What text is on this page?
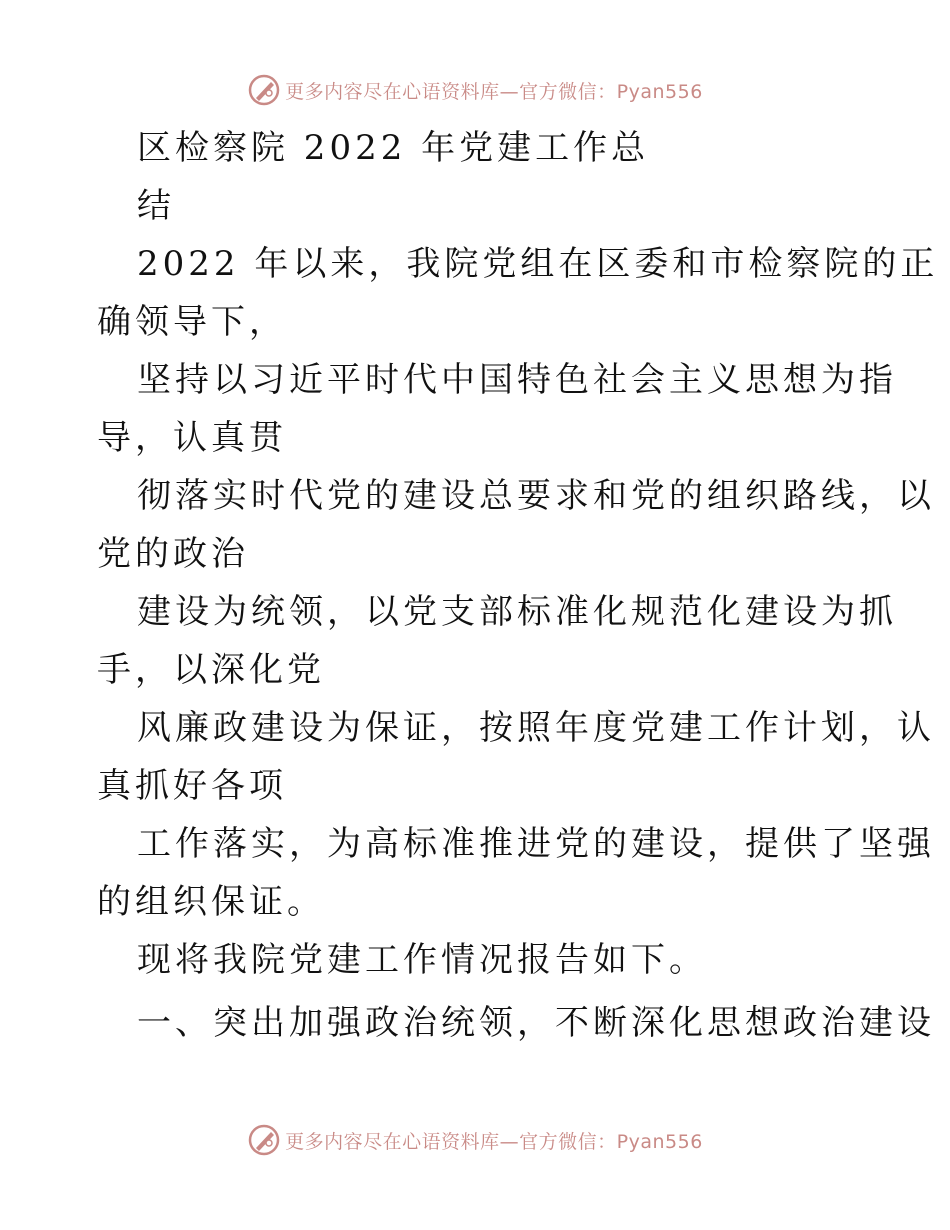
更多内容尽在心语资料库—官方微信：Pyan556
区检察院 2022 年党建工作总
结
2022 年以来，我院党组在区委和市检察院的正
确领导下，
坚持以习近平时代中国特色社会主义思想为指
导，认真贯
彻落实时代党的建设总要求和党的组织路线，以
党的政治
建设为统领，以党支部标准化规范化建设为抓
手，以深化党
风廉政建设为保证，按照年度党建工作计划，认
真抓好各项
工作落实，为高标准推进党的建设，提供了坚强
的组织保证。
现将我院党建工作情况报告如下。
一、突出加强政治统领，不断深化思想政治建设
更多内容尽在心语资料库—官方微信：Pyan556
